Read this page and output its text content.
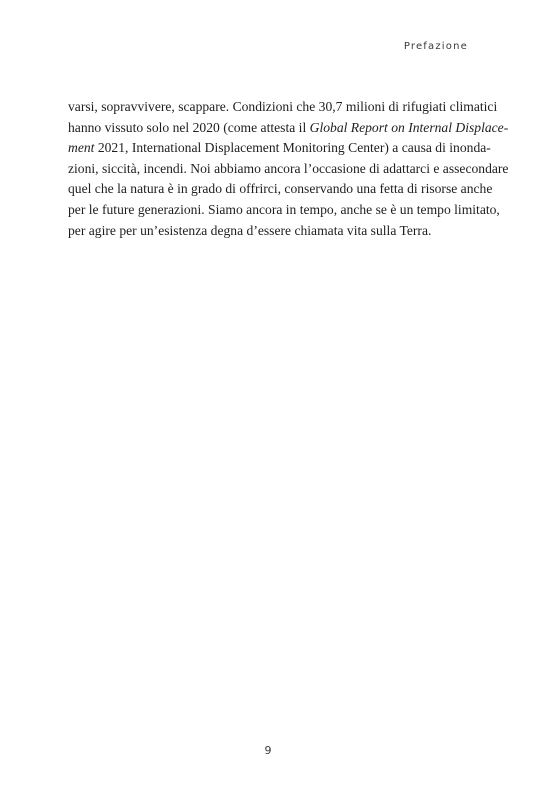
Prefazione
varsi, sopravvivere, scappare. Condizioni che 30,7 milioni di rifugiati climatici
hanno vissuto solo nel 2020 (come attesta il Global Report on Internal Displace-
ment 2021, International Displacement Monitoring Center) a causa di inonda-
zioni, siccità, incendi. Noi abbiamo ancora l’occasione di adattarci e assecondare
quel che la natura è in grado di offrirci, conservando una fetta di risorse anche
per le future generazioni. Siamo ancora in tempo, anche se è un tempo limitato,
per agire per un’esistenza degna d’essere chiamata vita sulla Terra.
9
